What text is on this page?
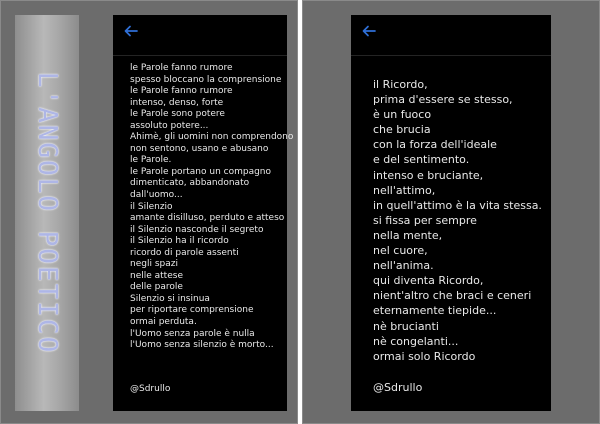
L'ANGOLO POETICO
le Parole fanno rumore
spesso bloccano la comprensione
le Parole fanno rumore
intenso, denso, forte
le Parole sono potere
assoluto potere...
Ahimè, gli uomini non comprendono
non sentono, usano e abusano
le Parole.
le Parole portano un compagno
dimenticato, abbandonato
dall'uomo...
il Silenzio
amante disilluso, perduto e atteso
il Silenzio nasconde il segreto
il Silenzio ha il ricordo
ricordo di parole assenti
negli spazi
nelle attese
delle parole
Silenzio si insinua
per riportare comprensione
ormai perduta.
l'Uomo senza parole è nulla
l'Uomo senza silenzio è morto...
@Sdrullo
il Ricordo,
prima d'essere se stesso,
è un fuoco
che brucia
con la forza dell'ideale
e del sentimento.
intenso e bruciante,
nell'attimo,
in quell'attimo è la vita stessa.
si fissa per sempre
nella mente,
nel cuore,
nell'anima.
qui diventa Ricordo,
nient'altro che braci e ceneri
eternamente tiepide...
nè brucianti
nè congelanti...
ormai solo Ricordo
@Sdrullo
